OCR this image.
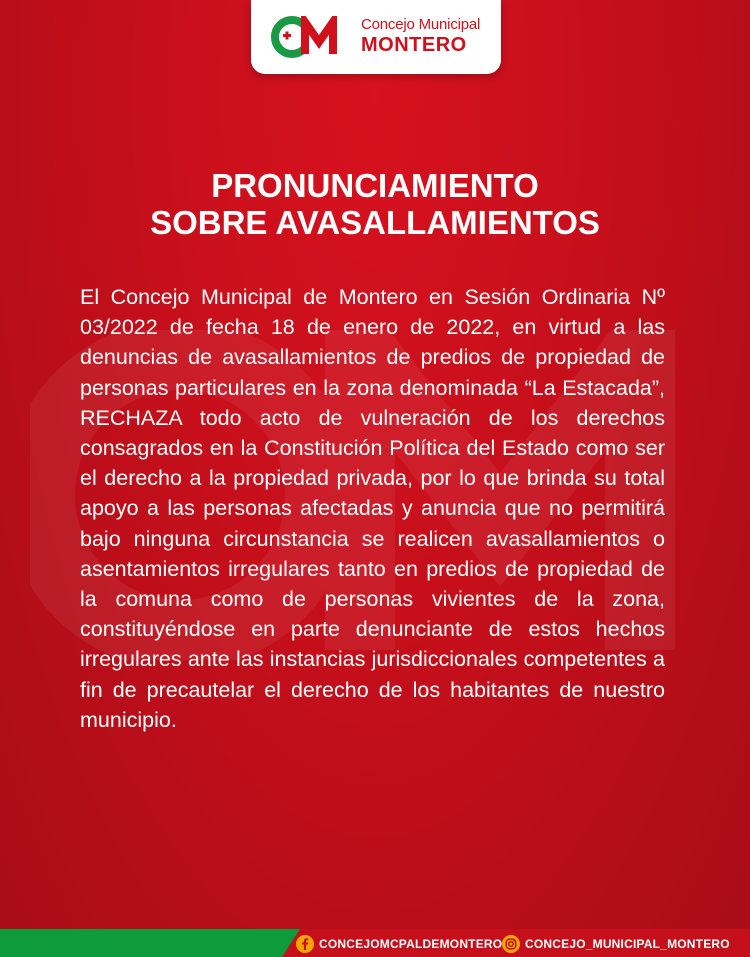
Concejo Municipal
MONTERO
PRONUNCIAMIENTO
SOBRE AVASALLAMIENTOS
El Concejo Municipal de Montero en Sesión Ordinaria Nº 03/2022 de fecha 18 de enero de 2022, en virtud a las denuncias de avasallamientos de predios de propiedad de personas particulares en la zona denominada “La Estacada”, RECHAZA todo acto de vulneración de los derechos consagrados en la Constitución Política del Estado como ser el derecho a la propiedad privada, por lo que brinda su total apoyo a las personas afectadas y anuncia que no permitirá bajo ninguna circunstancia se realicen avasallamientos o asentamientos irregulares tanto en predios de propiedad de la comuna como de personas vivientes de la zona, constituyéndose en parte denunciante de estos hechos irregulares ante las instancias jurisdiccionales competentes a fin de precautelar el derecho de los habitantes de nuestro municipio.
CONCEJOMCPALDEMONTERO CONCEJO_MUNICIPAL_MONTERO
